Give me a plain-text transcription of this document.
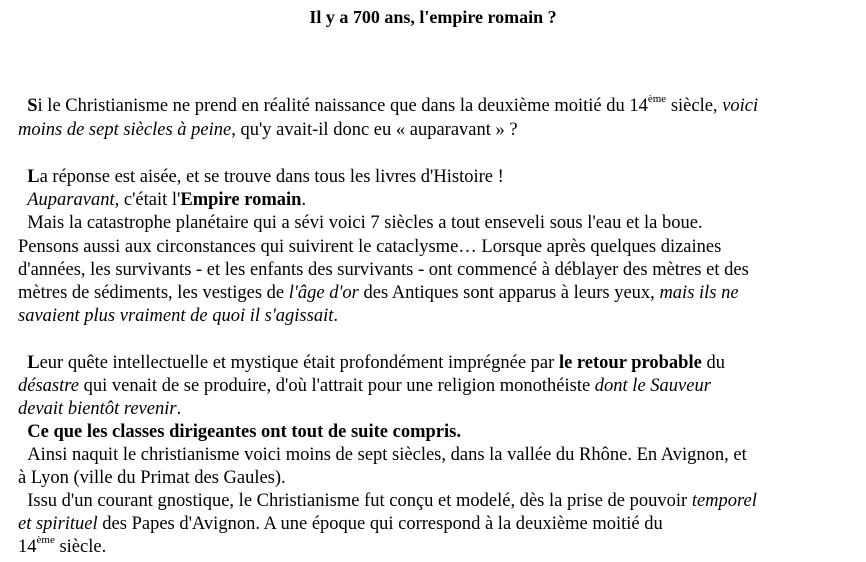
Il y a 700 ans, l'empire romain ?
Si le Christianisme ne prend en réalité naissance que dans la deuxième moitié du 14ème siècle, voici
moins de sept siècles à peine, qu'y avait-il donc eu « auparavant » ?
La réponse est aisée, et se trouve dans tous les livres d'Histoire !
Auparavant, c'était l'Empire romain.
Mais la catastrophe planétaire qui a sévi voici 7 siècles a tout enseveli sous l'eau et la boue.
Pensons aussi aux circonstances qui suivirent le cataclysme… Lorsque après quelques dizaines
d'années, les survivants - et les enfants des survivants - ont commencé à déblayer des mètres et des
mètres de sédiments, les vestiges de l'âge d'or des Antiques sont apparus à leurs yeux, mais ils ne
savaient plus vraiment de quoi il s'agissait.
Leur quête intellectuelle et mystique était profondément imprégnée par le retour probable du
désastre qui venait de se produire, d'où l'attrait pour une religion monothéiste dont le Sauveur
devait bientôt revenir.
Ce que les classes dirigeantes ont tout de suite compris.
Ainsi naquit le christianisme voici moins de sept siècles, dans la vallée du Rhône. En Avignon, et
à Lyon (ville du Primat des Gaules).
Issu d'un courant gnostique, le Christianisme fut conçu et modelé, dès la prise de pouvoir temporel
et spirituel des Papes d'Avignon. A une époque qui correspond à la deuxième moitié du
14ème siècle.
